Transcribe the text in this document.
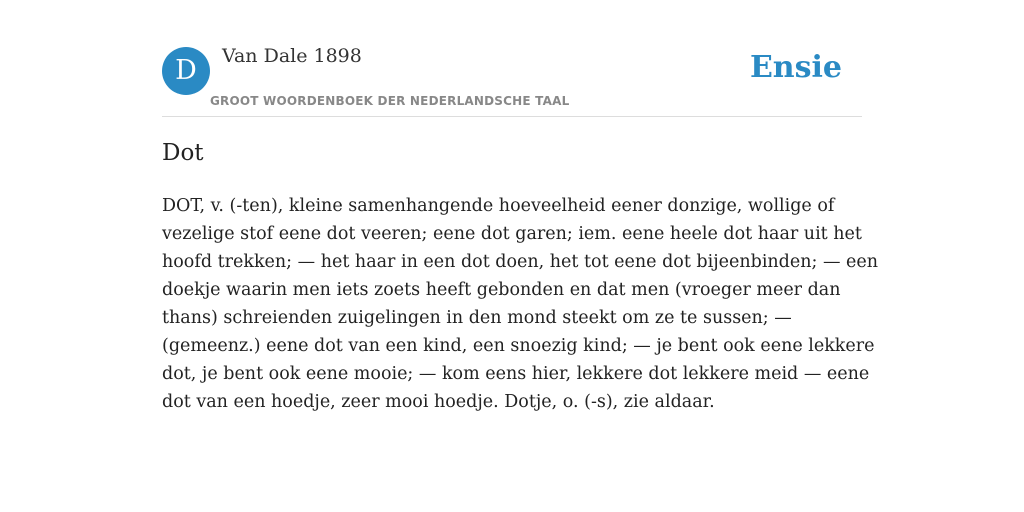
D	Van Dale 1898
GROOT WOORDENBOEK DER NEDERLANDSCHE TAAL
Ensie
Dot
DOT, v. (-ten), kleine samenhangende hoeveelheid eener donzige, wollige of
vezelige stof eene dot veeren; eene dot garen; iem. eene heele dot haar uit het
hoofd trekken; — het haar in een dot doen, het tot eene dot bijeenbinden; — een
doekje waarin men iets zoets heeft gebonden en dat men (vroeger meer dan
thans) schreienden zuigelingen in den mond steekt om ze te sussen; —
(gemeenz.) eene dot van een kind, een snoezig kind; — je bent ook eene lekkere
dot, je bent ook eene mooie; — kom eens hier, lekkere dot lekkere meid — eene
dot van een hoedje, zeer mooi hoedje. Dotje, o. (-s), zie aldaar.
